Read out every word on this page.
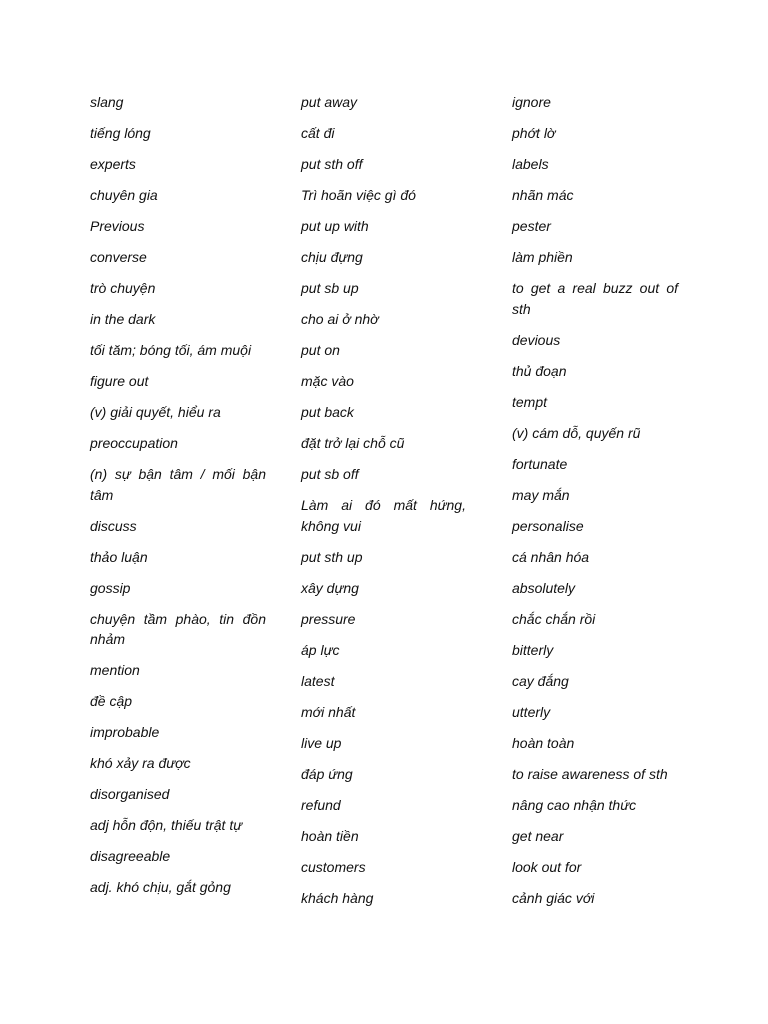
slang
tiếng lóng
experts
chuyên gia
Previous
converse
trò chuyện
in the dark
tối tăm; bóng tối, ám muội
figure out
(v) giải quyết, hiểu ra
preoccupation
(n) sự bận tâm / mối bận tâm
discuss
thảo luận
gossip
chuyện tầm phào, tin đồn nhảm
mention
đề cập
improbable
khó xảy ra được
disorganised
adj hỗn độn, thiếu trật tự
disagreeable
adj. khó chịu, gắt gỏng
put away
cất đi
put sth off
Trì hoãn việc gì đó
put up with
chịu đựng
put sb up
cho ai ở nhờ
put on
mặc vào
put back
đặt trở lại chỗ cũ
put sb off
Làm ai đó mất hứng, không vui
put sth up
xây dựng
pressure
áp lực
latest
mới nhất
live up
đáp ứng
refund
hoàn tiền
customers
khách hàng
ignore
phớt lờ
labels
nhãn mác
pester
làm phiền
to get a real buzz out of sth
devious
thủ đoạn
tempt
(v) cám dỗ, quyến rũ
fortunate
may mắn
personalise
cá nhân hóa
absolutely
chắc chắn rồi
bitterly
cay đắng
utterly
hoàn toàn
to raise awareness of sth
nâng cao nhận thức
get near
look out for
cảnh giác với
